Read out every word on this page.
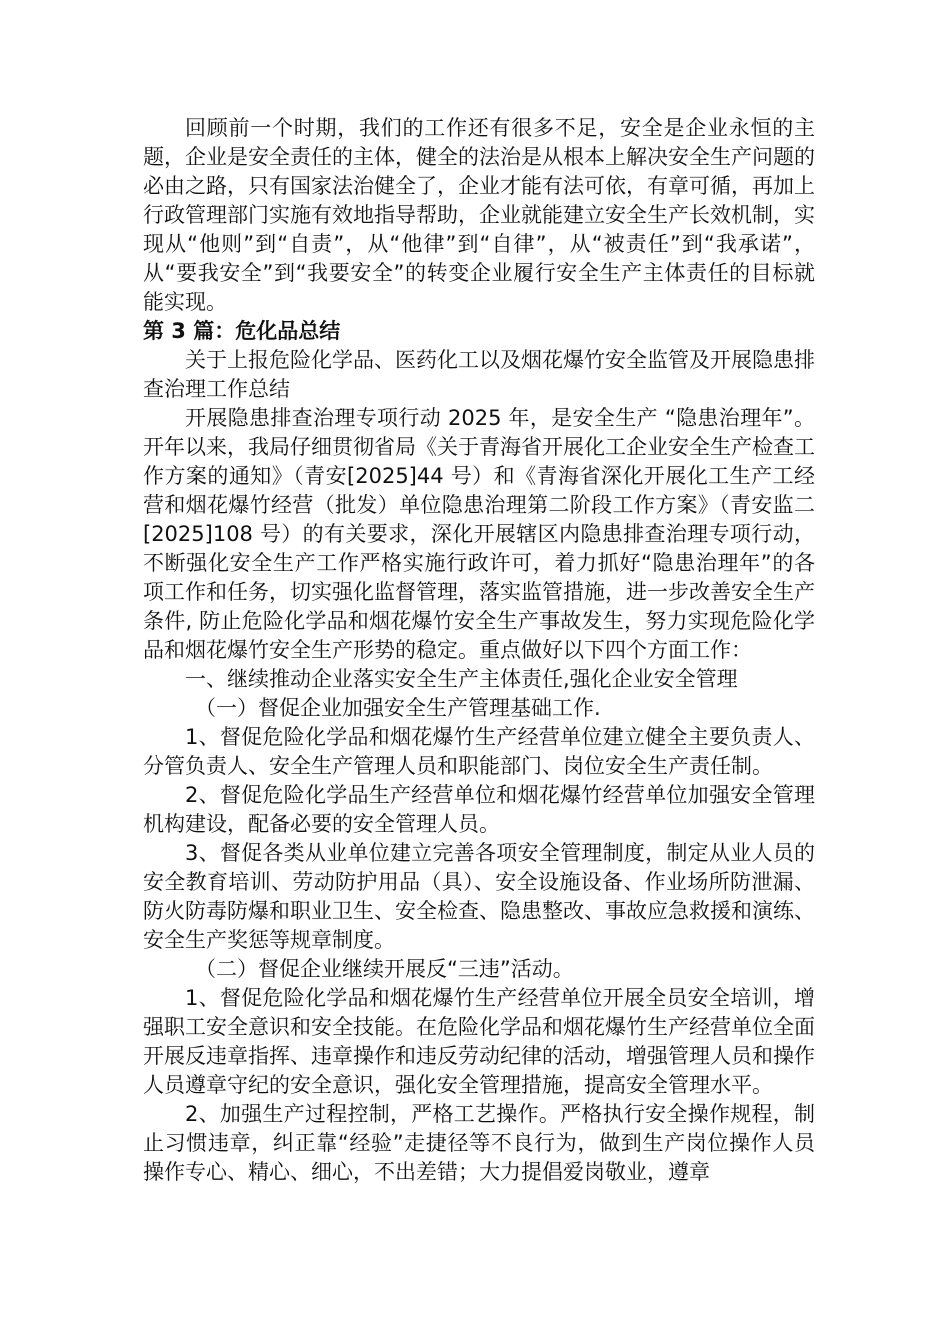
回顾前一个时期，我们的工作还有很多不足，安全是企业永恒的主题，企业是安全责任的主体，健全的法治是从根本上解决安全生产问题的必由之路，只有国家法治健全了，企业才能有法可依，有章可循，再加上行政管理部门实施有效地指导帮助，企业就能建立安全生产长效机制，实现从“他则”到“自责”，从“他律”到“自律”，从“被责任”到“我承诺”，从“要我安全”到“我要安全”的转变企业履行安全生产主体责任的目标就能实现。

第 3 篇：危化品总结

关于上报危险化学品、医药化工以及烟花爆竹安全监管及开展隐患排查治理工作总结

开展隐患排查治理专项行动 2025 年，是安全生产 “隐患治理年”。开年以来，我局仔细贯彻省局《关于青海省开展化工企业安全生产检查工作方案的通知》（青安[2025]44 号）和《青海省深化开展化工生产工经营和烟花爆竹经营（批发）单位隐患治理第二阶段工作方案》（青安监二[2025]108 号）的有关要求，深化开展辖区内隐患排查治理专项行动，不断强化安全生产工作严格实施行政许可，着力抓好“隐患治理年”的各项工作和任务，切实强化监督管理，落实监管措施，进一步改善安全生产条件, 防止危险化学品和烟花爆竹安全生产事故发生，努力实现危险化学品和烟花爆竹安全生产形势的稳定。重点做好以下四个方面工作：

一、继续推动企业落实安全生产主体责任,强化企业安全管理

（一）督促企业加强安全生产管理基础工作.

1、督促危险化学品和烟花爆竹生产经营单位建立健全主要负责人、分管负责人、安全生产管理人员和职能部门、岗位安全生产责任制。

2、督促危险化学品生产经营单位和烟花爆竹经营单位加强安全管理机构建设，配备必要的安全管理人员。

3、督促各类从业单位建立完善各项安全管理制度，制定从业人员的安全教育培训、劳动防护用品（具）、安全设施设备、作业场所防泄漏、防火防毒防爆和职业卫生、安全检查、隐患整改、事故应急救援和演练、安全生产奖惩等规章制度。

（二）督促企业继续开展反“三违”活动。

1、督促危险化学品和烟花爆竹生产经营单位开展全员安全培训，增强职工安全意识和安全技能。在危险化学品和烟花爆竹生产经营单位全面开展反违章指挥、违章操作和违反劳动纪律的活动，增强管理人员和操作人员遵章守纪的安全意识，强化安全管理措施，提高安全管理水平。

2、加强生产过程控制，严格工艺操作。严格执行安全操作规程，制止习惯违章，纠正靠“经验”走捷径等不良行为，做到生产岗位操作人员操作专心、精心、细心，不出差错；大力提倡爱岗敬业，遵章
